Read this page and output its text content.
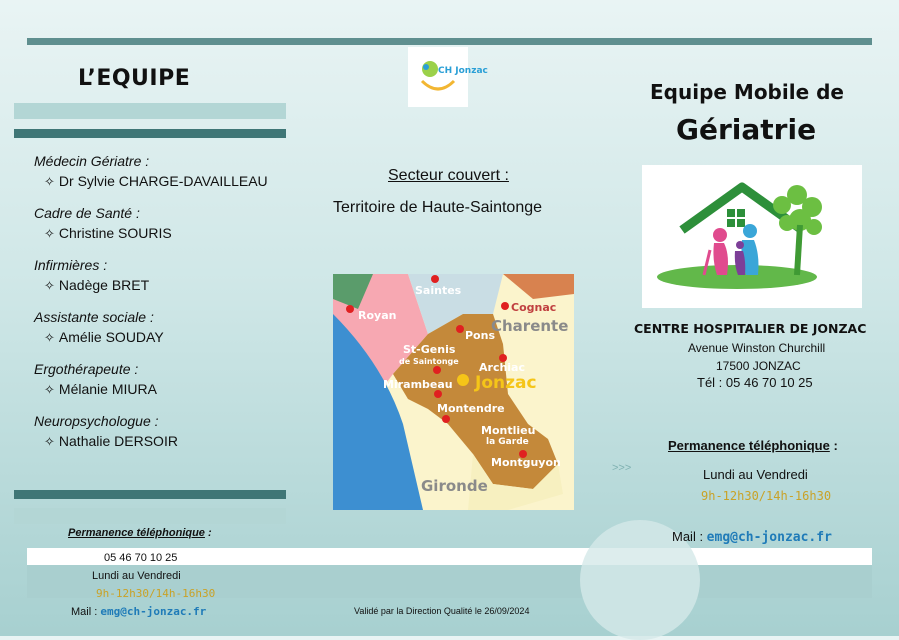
L’EQUIPE
Médecin Gériatre :
✧ Dr Sylvie CHARGE-DAVAILLEAU
Cadre de Santé :
✧ Christine SOURIS
Infirmières :
✧ Nadège BRET
Assistante sociale :
✧ Amélie SOUDAY
Ergothérapeute :
✧ Mélanie MIURA
Neuropsychologue :
✧ Nathalie DERSOIR
Permanence téléphonique :
05 46 70 10 25
Lundi au Vendredi
9h-12h30/14h-16h30
Mail : emg@ch-jonzac.fr
CH Jonzac
Secteur couvert :
Territoire de Haute-Saintonge
Saintes
Cognac
Royan
Charente
Pons
St-Genis
de Saintonge Archiac
Mirambeau Jonzac
Montendre
Montlieu
la Garde
Montguyon
Gironde
Validé par la Direction Qualité le 26/09/2024
Equipe Mobile de
Gériatrie
CENTRE HOSPITALIER DE JONZAC
Avenue Winston Churchill
17500 JONZAC
Tél : 05 46 70 10 25
>>>
Permanence téléphonique :
Lundi au Vendredi
9h-12h30/14h-16h30
Mail : emg@ch-jonzac.fr
